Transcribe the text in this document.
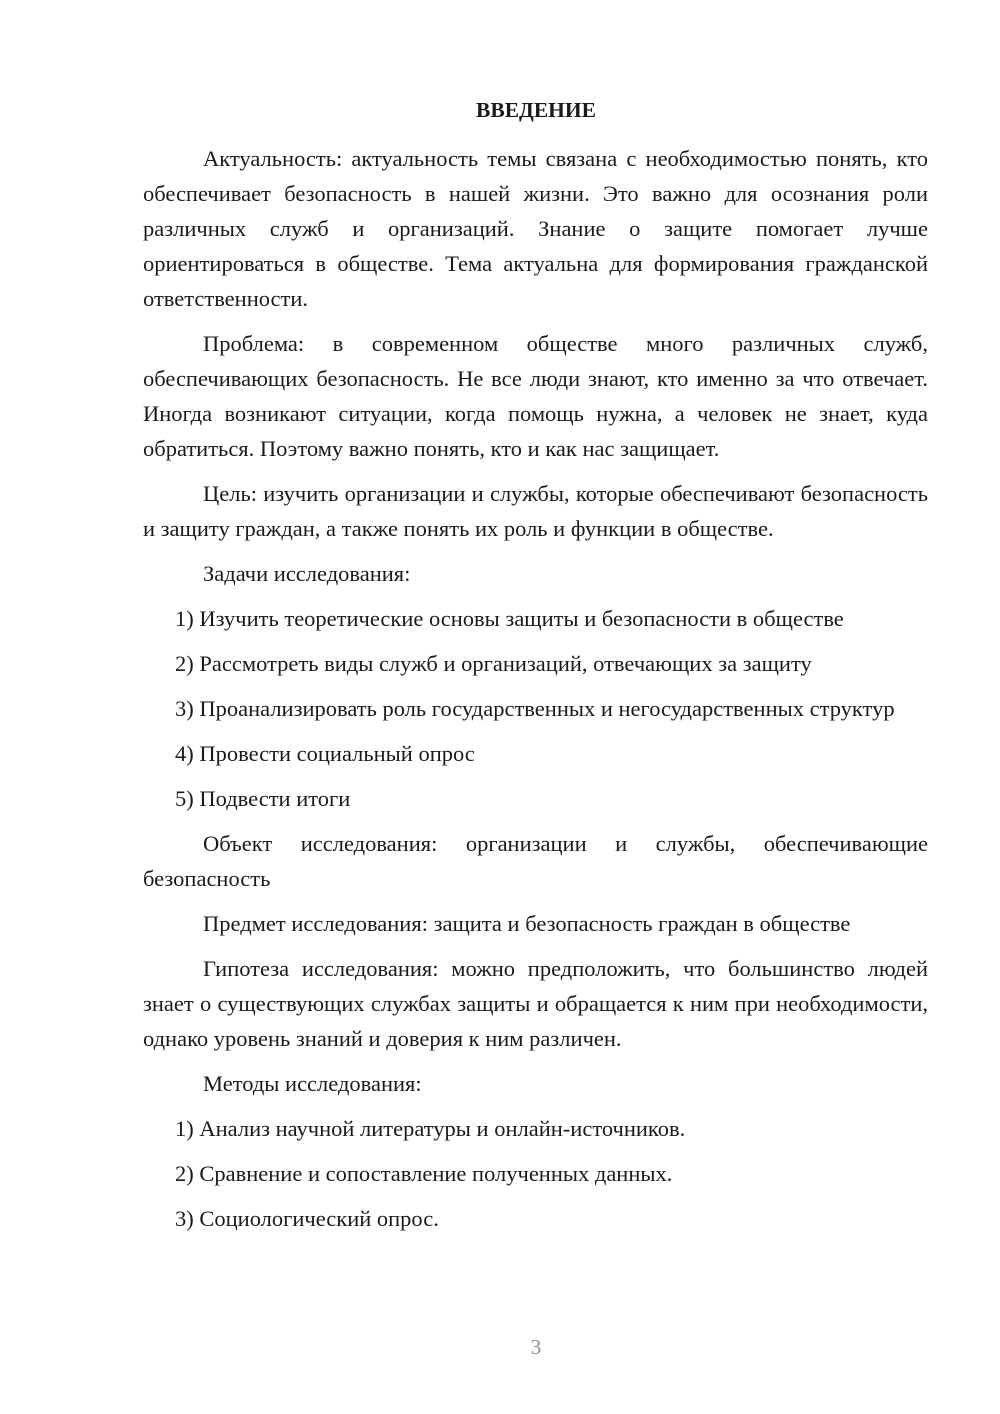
ВВЕДЕНИЕ

Актуальность: актуальность темы связана с необходимостью понять, кто обеспечивает безопасность в нашей жизни. Это важно для осознания роли различных служб и организаций. Знание о защите помогает лучше ориентироваться в обществе. Тема актуальна для формирования гражданской ответственности.

Проблема: в современном обществе много различных служб, обеспечивающих безопасность. Не все люди знают, кто именно за что отвечает. Иногда возникают ситуации, когда помощь нужна, а человек не знает, куда обратиться. Поэтому важно понять, кто и как нас защищает.

Цель: изучить организации и службы, которые обеспечивают безопасность и защиту граждан, а также понять их роль и функции в обществе.

Задачи исследования:

1) Изучить теоретические основы защиты и безопасности в обществе

2) Рассмотреть виды служб и организаций, отвечающих за защиту

3) Проанализировать роль государственных и негосударственных структур

4) Провести социальный опрос

5) Подвести итоги

Объект исследования: организации и службы, обеспечивающие безопасность

Предмет исследования: защита и безопасность граждан в обществе

Гипотеза исследования: можно предположить, что большинство людей знает о существующих службах защиты и обращается к ним при необходимости, однако уровень знаний и доверия к ним различен.

Методы исследования:

1) Анализ научной литературы и онлайн-источников.

2) Сравнение и сопоставление полученных данных.

3) Социологический опрос.

3
